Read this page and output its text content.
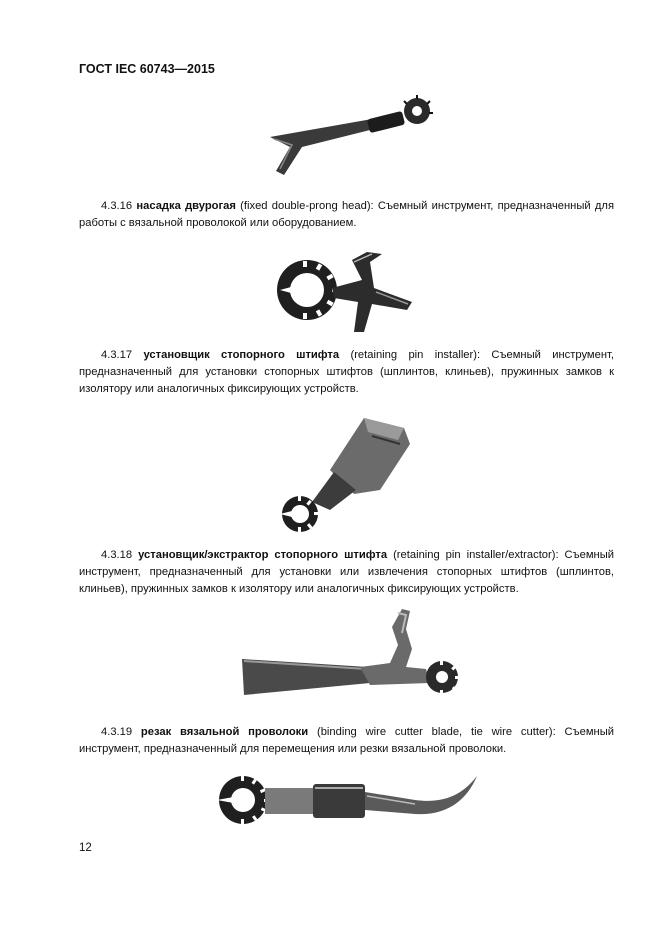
ГОСТ IEC 60743—2015
4.3.16 насадка двурогая (fixed double-prong head): Съемный инструмент, предназначенный для работы с вязальной проволокой или оборудованием.
4.3.17 установщик стопорного штифта (retaining pin installer): Съемный инструмент, предназначенный для установки стопорных штифтов (шплинтов, клиньев), пружинных замков к изолятору или аналогичных фиксирующих устройств.
4.3.18 установщик/экстрактор стопорного штифта (retaining pin installer/extractor): Съемный инструмент, предназначенный для установки или извлечения стопорных штифтов (шплинтов, клиньев), пружинных замков к изолятору или аналогичных фиксирующих устройств.
4.3.19 резак вязальной проволоки (binding wire cutter blade, tie wire cutter): Съемный инструмент, предназначенный для перемещения или резки вязальной проволоки.
12
